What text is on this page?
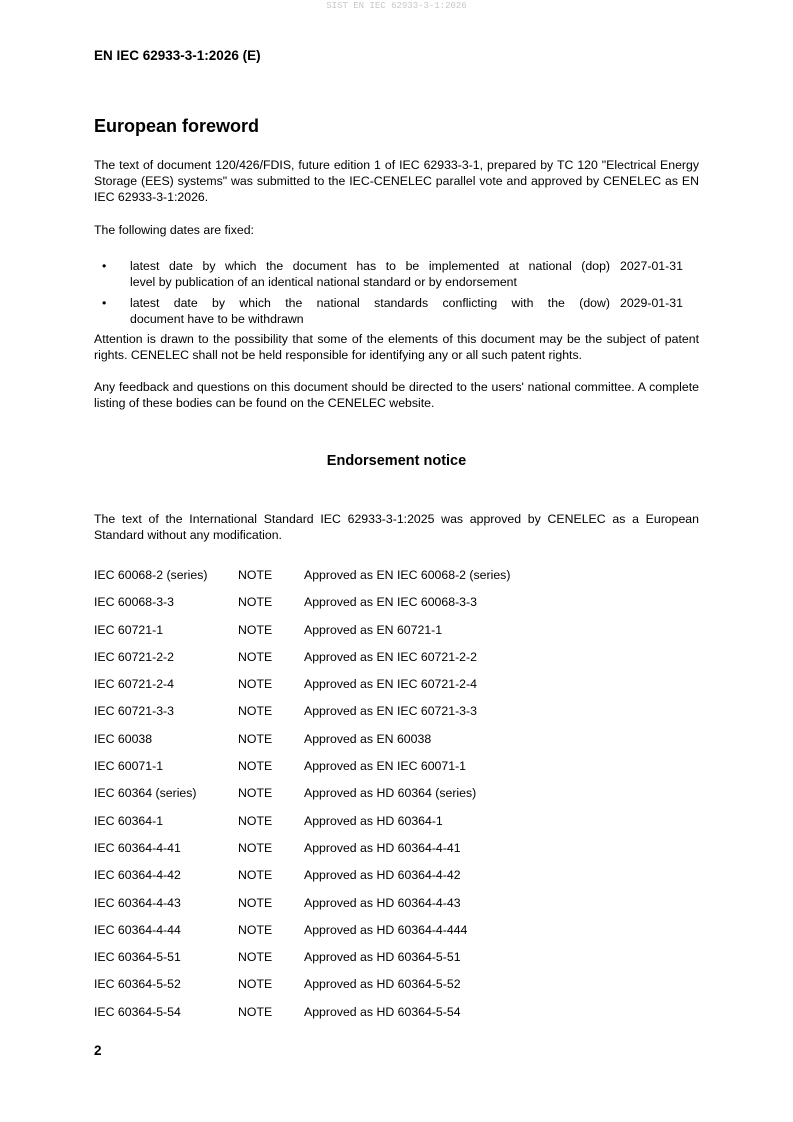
SIST EN IEC 62933-3-1:2026
EN IEC 62933-3-1:2026 (E)
European foreword
The text of document 120/426/FDIS, future edition 1 of IEC 62933-3-1, prepared by TC 120 "Electrical Energy Storage (EES) systems" was submitted to the IEC-CENELEC parallel vote and approved by CENELEC as EN IEC 62933-3-1:2026.
The following dates are fixed:
• latest date by which the document has to be implemented at national (dop)
level by publication of an identical national standard or by endorsement
2027-01-31
• latest date by which the national standards conflicting with the (dow)
document have to be withdrawn
2029-01-31
Attention is drawn to the possibility that some of the elements of this document may be the subject of patent rights. CENELEC shall not be held responsible for identifying any or all such patent rights.
Any feedback and questions on this document should be directed to the users' national committee. A complete listing of these bodies can be found on the CENELEC website.
Endorsement notice
The text of the International Standard IEC 62933-3-1:2025 was approved by CENELEC as a European Standard without any modification.
IEC 60068-2 (series) NOTE	Approved as EN IEC 60068-2 (series)
IEC 60068-3-3	NOTE	Approved as EN IEC 60068-3-3
IEC 60721-1	NOTE	Approved as EN 60721-1
IEC 60721-2-2	NOTE	Approved as EN IEC 60721-2-2
IEC 60721-2-4	NOTE	Approved as EN IEC 60721-2-4
IEC 60721-3-3	NOTE	Approved as EN IEC 60721-3-3
IEC 60038	NOTE	Approved as EN 60038
IEC 60071-1	NOTE	Approved as EN IEC 60071-1
IEC 60364 (series)	NOTE	Approved as HD 60364 (series)
IEC 60364-1	NOTE	Approved as HD 60364-1
IEC 60364-4-41	NOTE	Approved as HD 60364-4-41
IEC 60364-4-42	NOTE	Approved as HD 60364-4-42
IEC 60364-4-43	NOTE	Approved as HD 60364-4-43
IEC 60364-4-44	NOTE	Approved as HD 60364-4-444
IEC 60364-5-51	NOTE	Approved as HD 60364-5-51
IEC 60364-5-52	NOTE	Approved as HD 60364-5-52
IEC 60364-5-54	NOTE	Approved as HD 60364-5-54
2
